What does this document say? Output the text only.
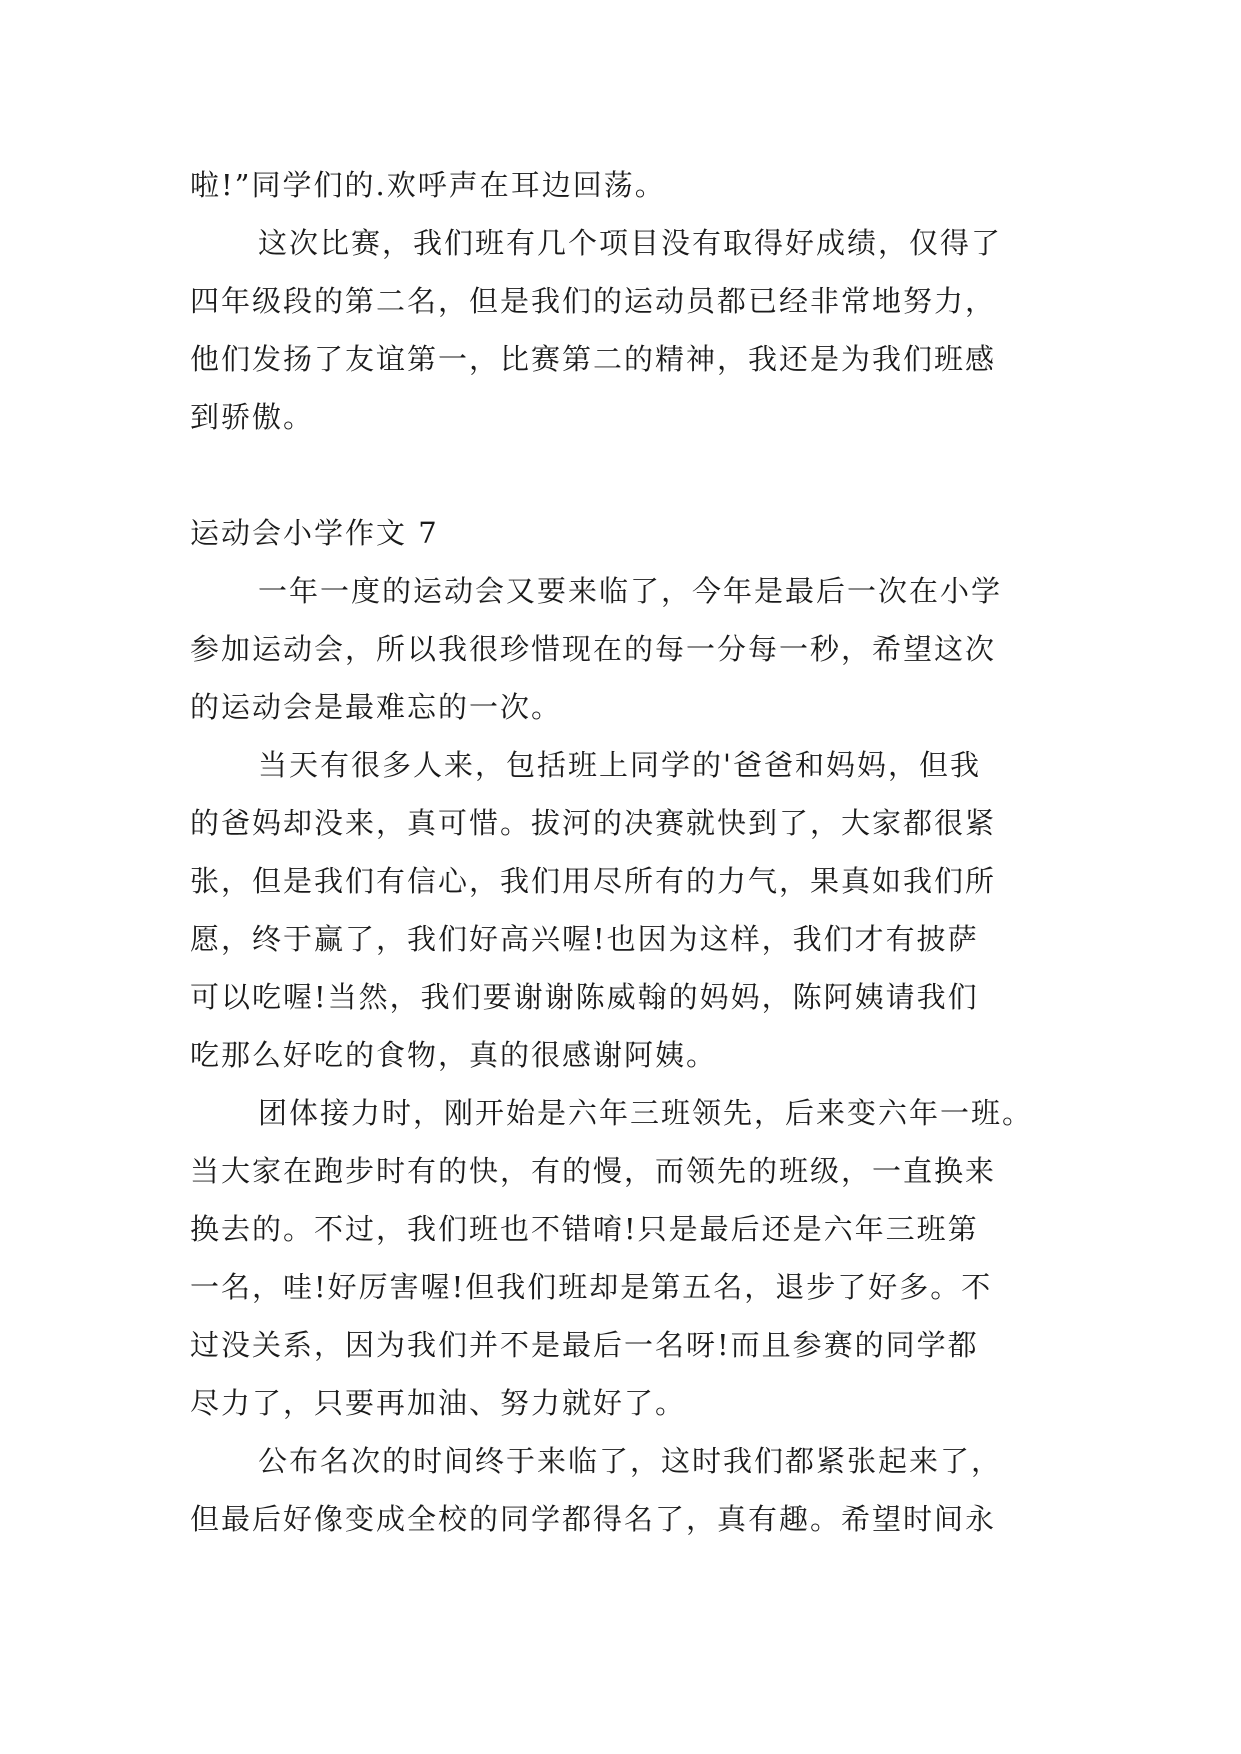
啦!”同学们的.欢呼声在耳边回荡。
这次比赛，我们班有几个项目没有取得好成绩，仅得了
四年级段的第二名，但是我们的运动员都已经非常地努力，
他们发扬了友谊第一，比赛第二的精神，我还是为我们班感
到骄傲。
运动会小学作文 7
一年一度的运动会又要来临了，今年是最后一次在小学
参加运动会，所以我很珍惜现在的每一分每一秒，希望这次
的运动会是最难忘的一次。
当天有很多人来，包括班上同学的'爸爸和妈妈，但我
的爸妈却没来，真可惜。拔河的决赛就快到了，大家都很紧
张，但是我们有信心，我们用尽所有的力气，果真如我们所
愿，终于赢了，我们好高兴喔!也因为这样，我们才有披萨
可以吃喔!当然，我们要谢谢陈威翰的妈妈，陈阿姨请我们
吃那么好吃的食物，真的很感谢阿姨。
团体接力时，刚开始是六年三班领先，后来变六年一班。
当大家在跑步时有的快，有的慢，而领先的班级，一直换来
换去的。不过，我们班也不错唷!只是最后还是六年三班第
一名，哇!好厉害喔!但我们班却是第五名，退步了好多。不
过没关系，因为我们并不是最后一名呀!而且参赛的同学都
尽力了，只要再加油、努力就好了。
公布名次的时间终于来临了，这时我们都紧张起来了，
但最后好像变成全校的同学都得名了，真有趣。希望时间永
